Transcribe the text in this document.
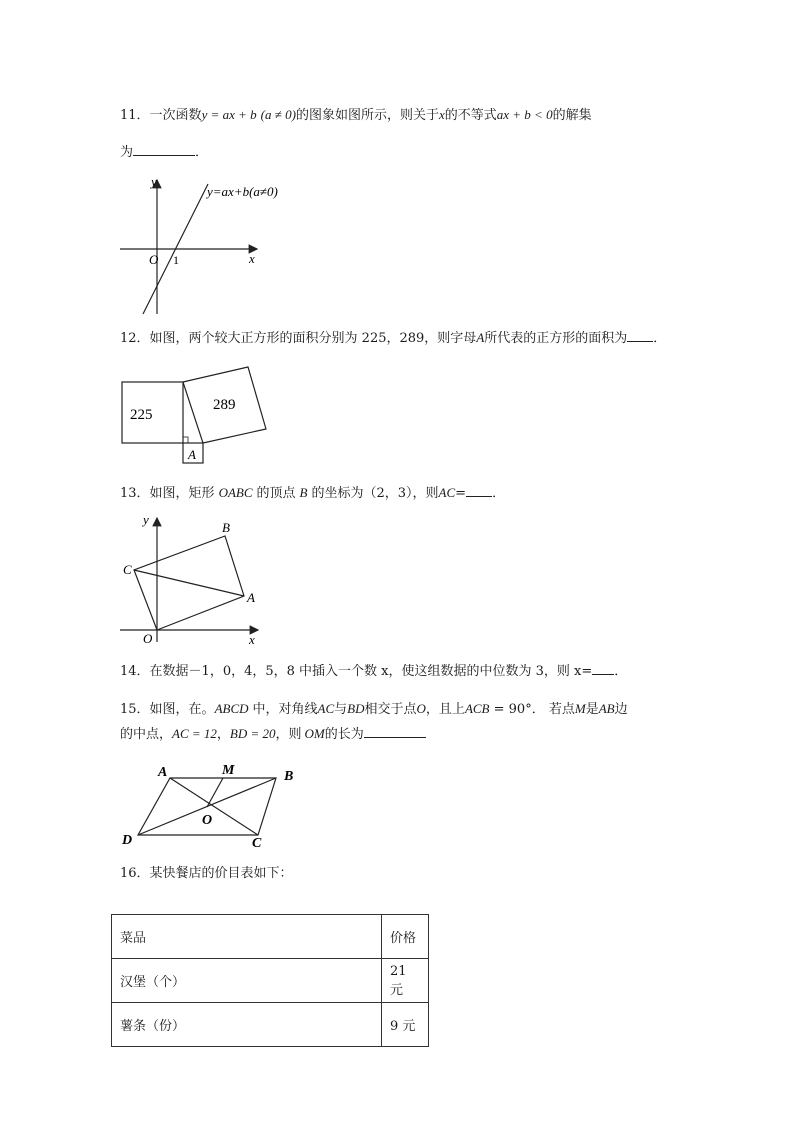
11．一次函数y = ax + b (a ≠ 0)的图象如图所示，则关于x的不等式ax + b < 0的解集
为	．
y=ax+b(a≠0)
x
y
O 1
12．如图，两个较大正方形的面积分别为 225，289，则字母A所代表的正方形的面积为 ．
225
289
A
13．如图，矩形 OABC 的顶点 B 的坐标为（2，3），则AC= ．
y
B
C
A
O	x
14．在数据－1，0，4，5，8 中插入一个数 x，使这组数据的中位数为 3，则 x= ．
15．如图，在。ABCD 中，对角线AC与BD相交于点O，且上ACB = 90°． 若点M是AB边
的中点，AC = 12，BD = 20，则 OM的长为
A	M	B
O
D	C
16．某快餐店的价目表如下：
菜品	价格
汉堡（个）	21 元
薯条（份）	9 元
